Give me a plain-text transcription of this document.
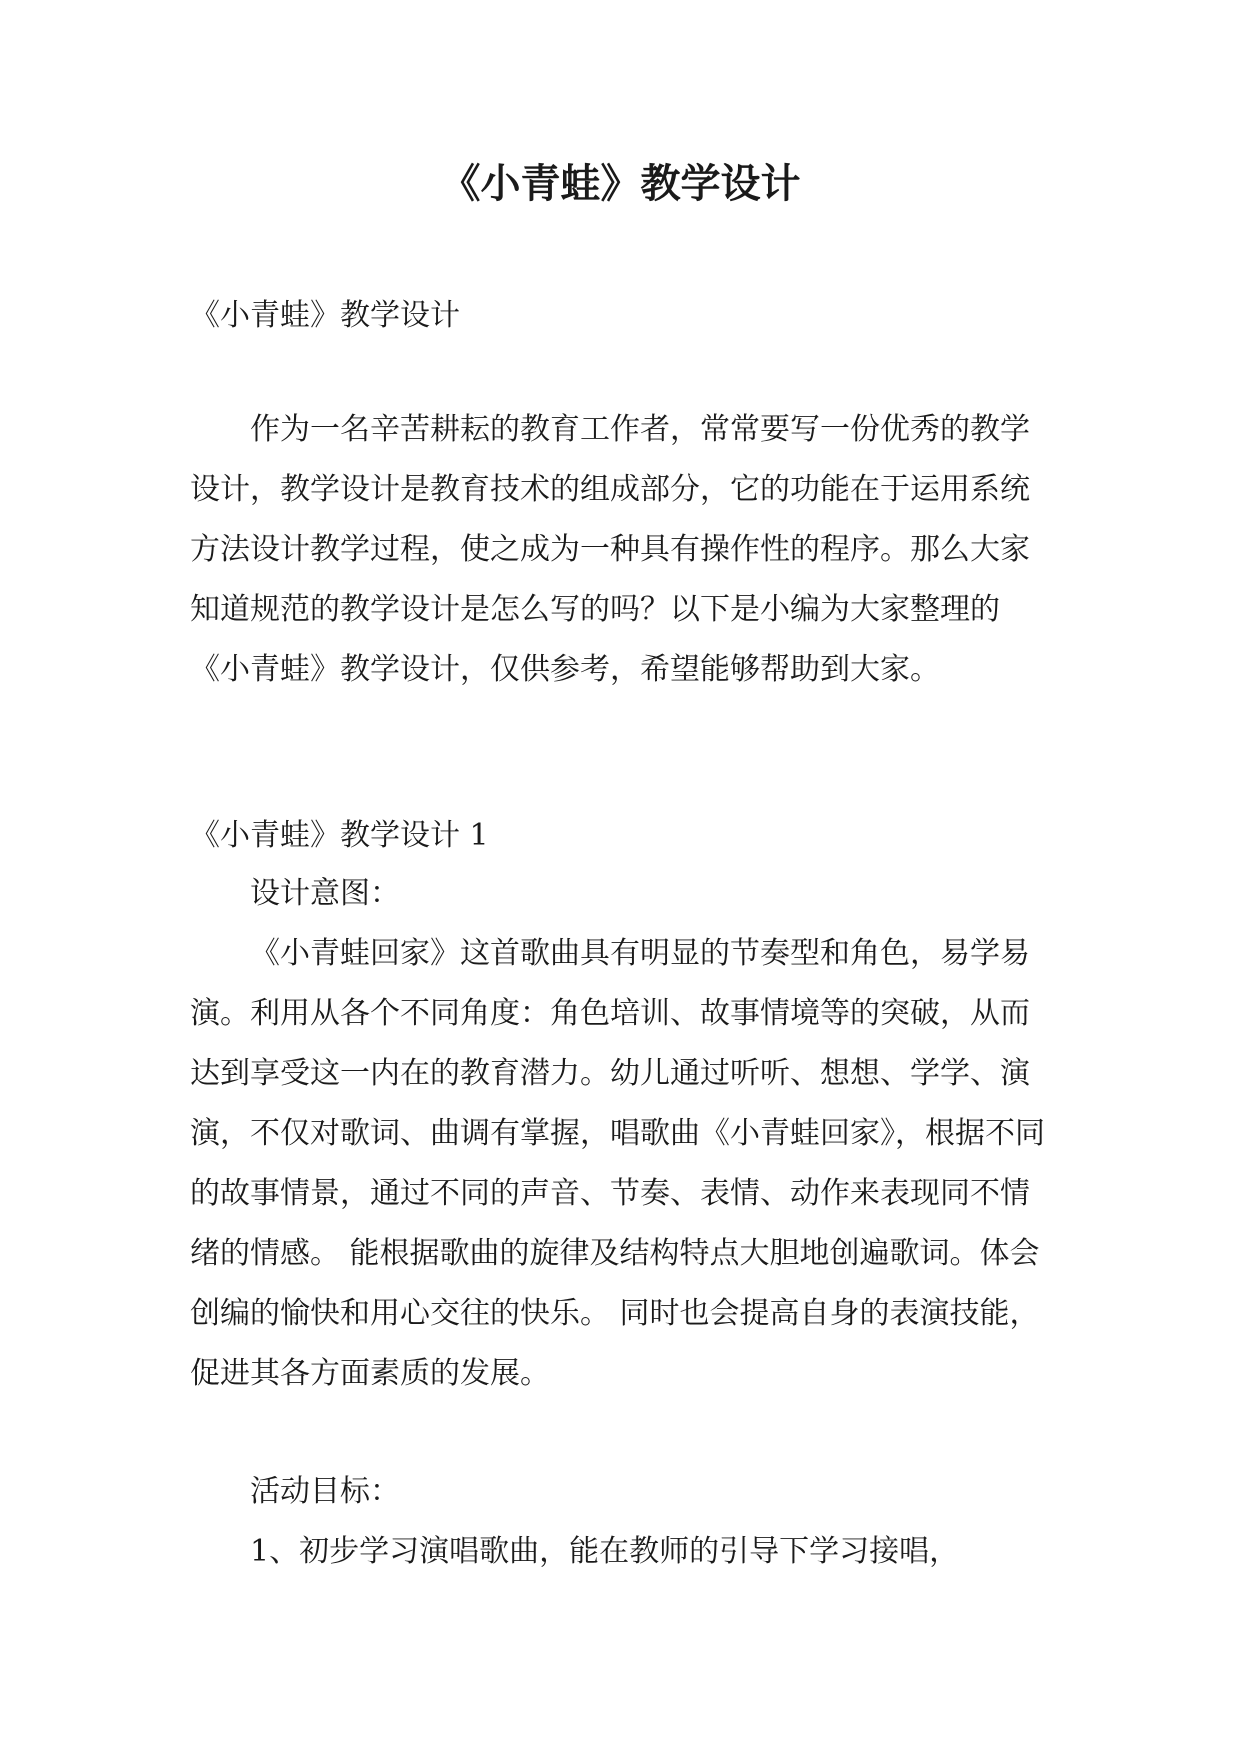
《小青蛙》教学设计

《小青蛙》教学设计

作为一名辛苦耕耘的教育工作者，常常要写一份优秀的教学设计，教学设计是教育技术的组成部分，它的功能在于运用系统方法设计教学过程，使之成为一种具有操作性的程序。那么大家知道规范的教学设计是怎么写的吗？以下是小编为大家整理的《小青蛙》教学设计，仅供参考，希望能够帮助到大家。

《小青蛙》教学设计 1

设计意图：

《小青蛙回家》这首歌曲具有明显的节奏型和角色，易学易演。利用从各个不同角度：角色培训、故事情境等的突破，从而达到享受这一内在的教育潜力。幼儿通过听听、想想、学学、演演，不仅对歌词、曲调有掌握，唱歌曲《小青蛙回家》，根据不同的故事情景，通过不同的声音、节奏、表情、动作来表现同不情绪的情感。 能根据歌曲的旋律及结构特点大胆地创遍歌词。体会创编的愉快和用心交往的快乐。 同时也会提高自身的表演技能，促进其各方面素质的发展。

活动目标：

1、初步学习演唱歌曲，能在教师的引导下学习接唱，
